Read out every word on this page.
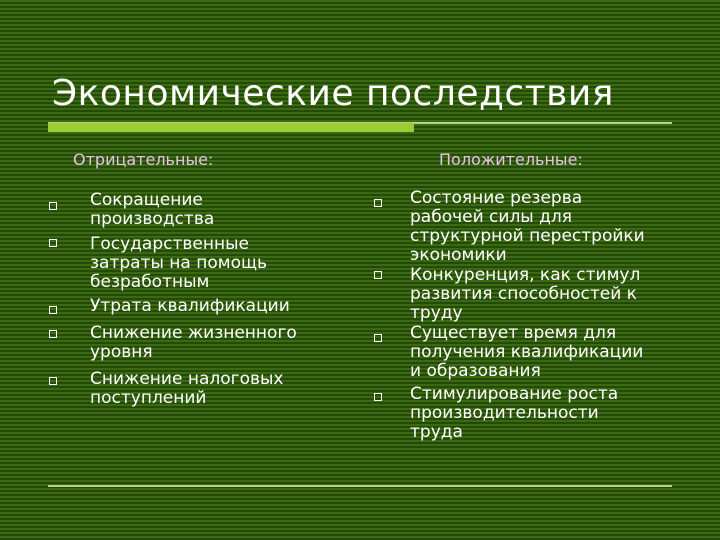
Экономические последствия
Отрицательные:
Сокращение
производства
Государственные
затраты на помощь
безработным
Утрата квалификации
Снижение жизненного
уровня
Снижение налоговых
поступлений
Положительные:
Состояние резерва
рабочей силы для
структурной перестройки
экономики
Конкуренция, как стимул
развития способностей к
труду
Существует время для
получения квалификации
и образования
Стимулирование роста
производительности
труда
